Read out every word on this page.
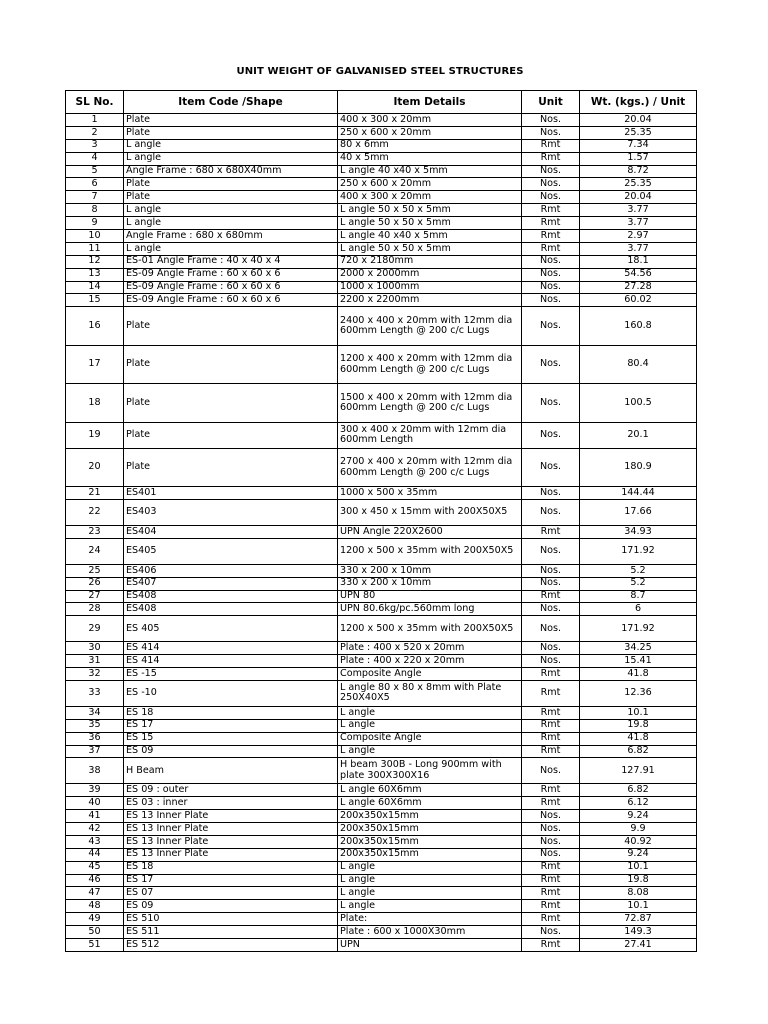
UNIT WEIGHT OF GALVANISED STEEL STRUCTURES
SL No.	Item Code /Shape	Item Details	Unit	Wt. (kgs.) / Unit
1	Plate	400 x 300 x 20mm	Nos.	20.04
2	Plate	250 x 600 x 20mm	Nos.	25.35
3	L angle	80 x 6mm	Rmt	7.34
4	L angle	40 x 5mm	Rmt	1.57
5	Angle Frame : 680 x 680X40mm	L angle 40 x40 x 5mm	Nos.	8.72
6	Plate	250 x 600 x 20mm	Nos.	25.35
7	Plate	400 x 300 x 20mm	Nos.	20.04
8	L angle	L angle 50 x 50 x 5mm	Rmt	3.77
9	L angle	L angle 50 x 50 x 5mm	Rmt	3.77
10	Angle Frame : 680 x 680mm	L angle 40 x40 x 5mm	Rmt	2.97
11	L angle	L angle 50 x 50 x 5mm	Rmt	3.77
12	ES-01 Angle Frame : 40 x 40 x 4	720 x 2180mm	Nos.	18.1
13	ES-09 Angle Frame : 60 x 60 x 6	2000 x 2000mm	Nos.	54.56
14	ES-09 Angle Frame : 60 x 60 x 6	1000 x 1000mm	Nos.	27.28
15	ES-09 Angle Frame : 60 x 60 x 6	2200 x 2200mm	Nos.	60.02
16	Plate	2400 x 400 x 20mm with 12mm dia 600mm Length @ 200 c/c Lugs	Nos.	160.8
17	Plate	1200 x 400 x 20mm with 12mm dia 600mm Length @ 200 c/c Lugs	Nos.	80.4
18	Plate	1500 x 400 x 20mm with 12mm dia 600mm Length @ 200 c/c Lugs	Nos.	100.5
19	Plate	300 x 400 x 20mm with 12mm dia 600mm Length	Nos.	20.1
20	Plate	2700 x 400 x 20mm with 12mm dia 600mm Length @ 200 c/c Lugs	Nos.	180.9
21	ES401	1000 x 500 x 35mm	Nos.	144.44
22	ES403	300 x 450 x 15mm with 200X50X5	Nos.	17.66
23	ES404	UPN Angle 220X2600	Rmt	34.93
24	ES405	1200 x 500 x 35mm with 200X50X5	Nos.	171.92
25	ES406	330 x 200 x 10mm	Nos.	5.2
26	ES407	330 x 200 x 10mm	Nos.	5.2
27	ES408	UPN 80	Rmt	8.7
28	ES408	UPN 80.6kg/pc.560mm long	Nos.	6
29	ES 405	1200 x 500 x 35mm with 200X50X5	Nos.	171.92
30	ES 414	Plate : 400 x 520 x 20mm	Nos.	34.25
31	ES 414	Plate : 400 x 220 x 20mm	Nos.	15.41
32	ES -15	Composite Angle	Rmt	41.8
33	ES -10	L angle 80 x 80 x 8mm with Plate 250X40X5	Rmt	12.36
34	ES 18	L angle	Rmt	10.1
35	ES 17	L angle	Rmt	19.8
36	ES 15	Composite Angle	Rmt	41.8
37	ES 09	L angle	Rmt	6.82
38	H Beam	H beam 300B - Long 900mm with plate 300X300X16	Nos.	127.91
39	ES 09 : outer	L angle 60X6mm	Rmt	6.82
40	ES 03 : inner	L angle 60X6mm	Rmt	6.12
41	ES 13 Inner Plate	200x350x15mm	Nos.	9.24
42	ES 13 Inner Plate	200x350x15mm	Nos.	9.9
43	ES 13 Inner Plate	200x350x15mm	Nos.	40.92
44	ES 13 Inner Plate	200x350x15mm	Nos.	9.24
45	ES 18	L angle	Rmt	10.1
46	ES 17	L angle	Rmt	19.8
47	ES 07	L angle	Rmt	8.08
48	ES 09	L angle	Rmt	10.1
49	ES 510	Plate:	Rmt	72.87
50	ES 511	Plate : 600 x 1000X30mm	Nos.	149.3
51	ES 512	UPN	Rmt	27.41
